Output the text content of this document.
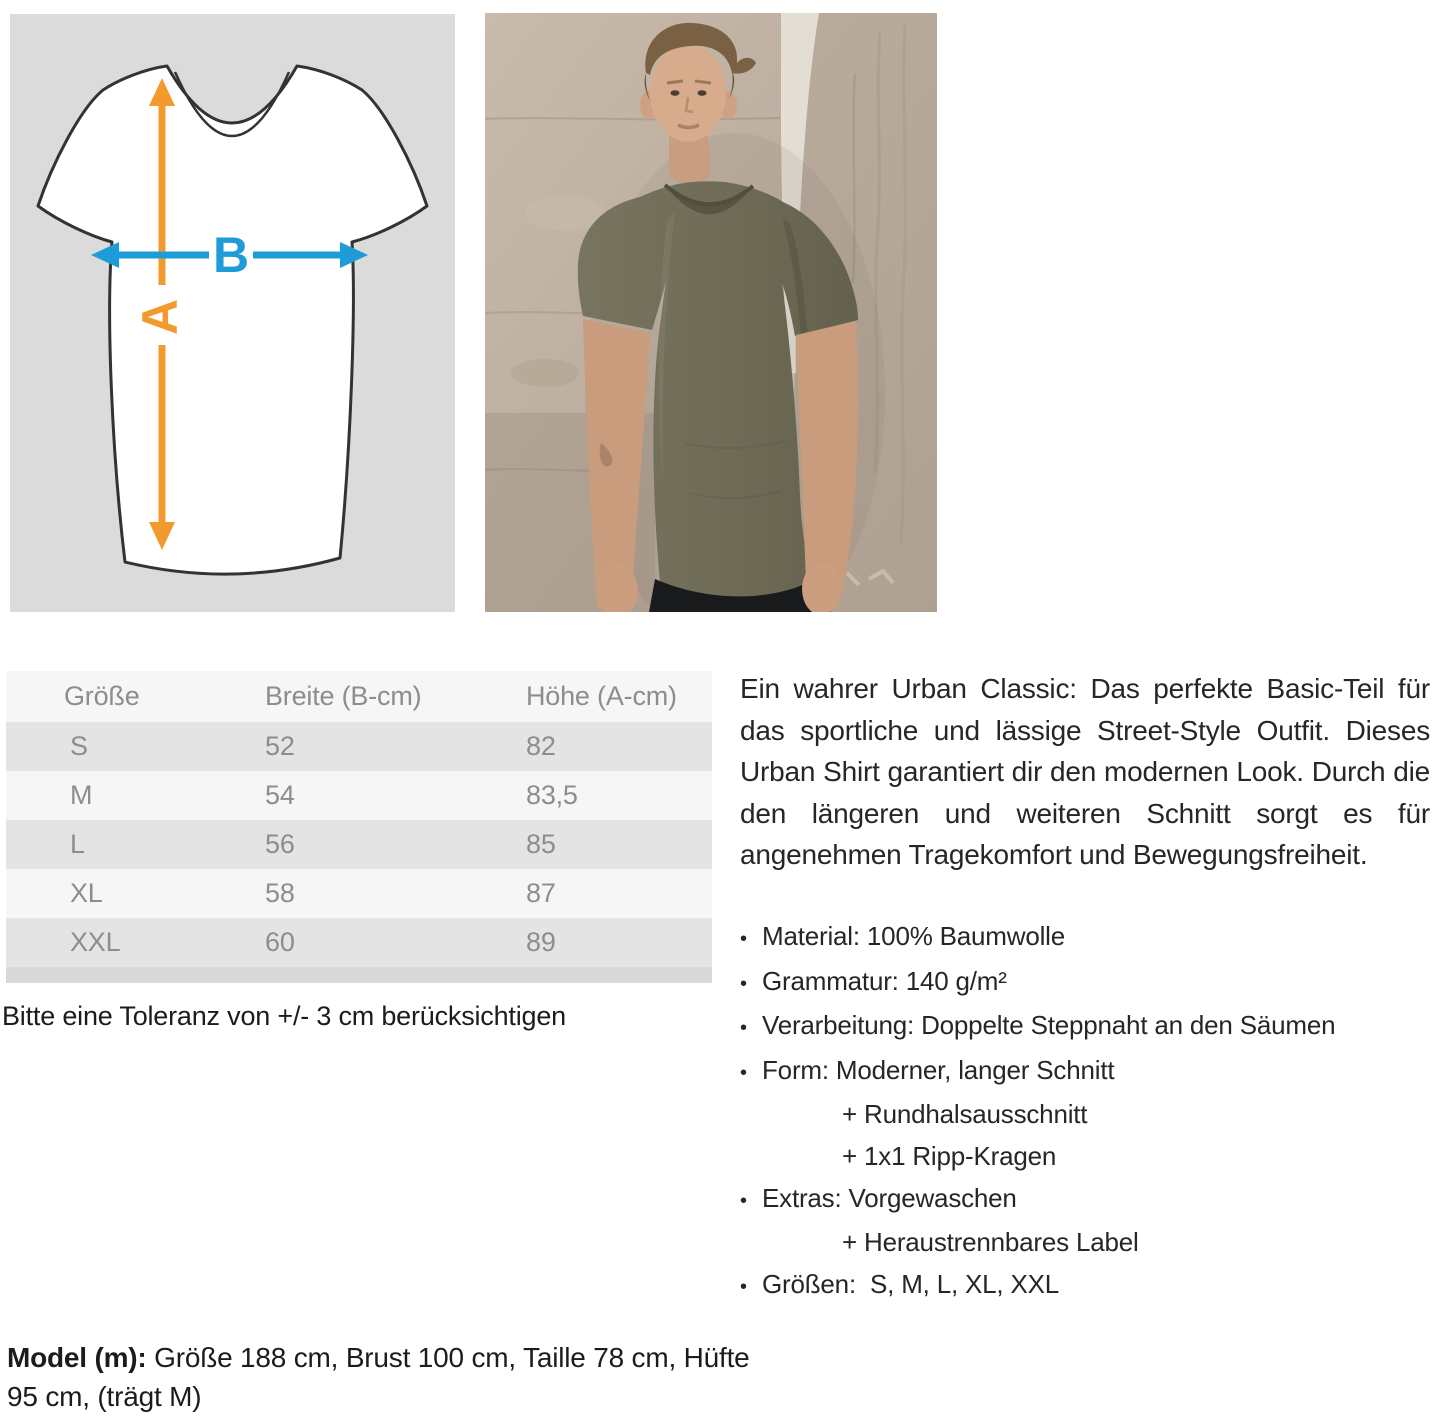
A
B
Größe	Breite (B-cm)	Höhe (A-cm)
S	52	82
M	54	83,5
L	56	85
XL	58	87
XXL	60	89
Bitte eine Toleranz von +/- 3 cm berücksichtigen
Ein wahrer Urban Classic: Das perfekte Basic-Teil für das sportliche und lässige Street-Style Outfit. Dieses Urban Shirt garantiert dir den modernen Look. Durch die den längeren und weiteren Schnitt sorgt es für angenehmen Tragekomfort und Bewegungsfreiheit.
• Material: 100% Baumwolle
• Grammatur: 140 g/m²
• Verarbeitung: Doppelte Steppnaht an den Säumen
• Form: Moderner, langer Schnitt
+ Rundhalsausschnitt
+ 1x1 Ripp-Kragen
• Extras: Vorgewaschen
+ Heraustrennbares Label
• Größen:  S, M, L, XL, XXL
Model (m): Größe 188 cm, Brust 100 cm, Taille 78 cm, Hüfte 95 cm, (trägt M)
